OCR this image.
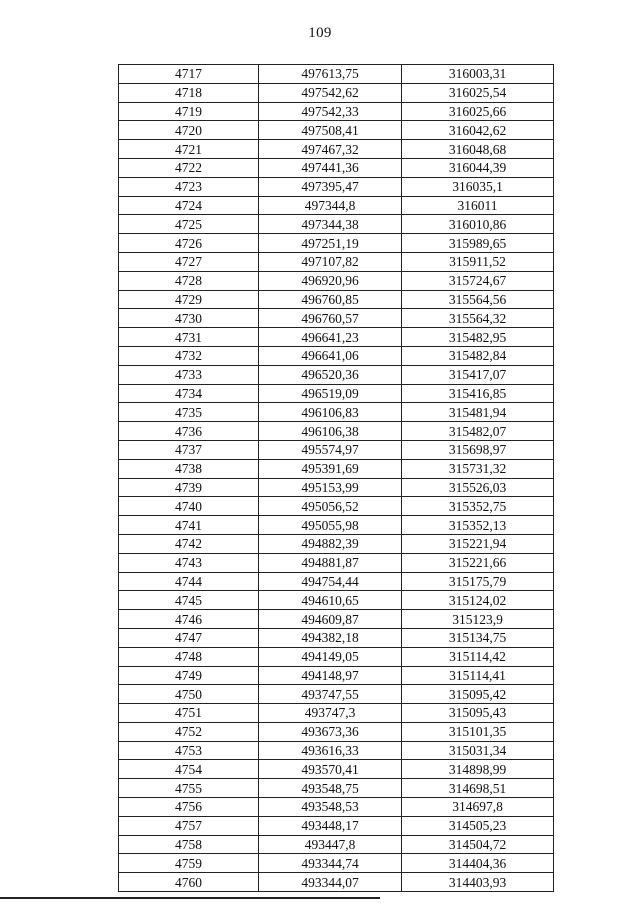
109
4717	497613,75	316003,31
4718	497542,62	316025,54
4719	497542,33	316025,66
4720	497508,41	316042,62
4721	497467,32	316048,68
4722	497441,36	316044,39
4723	497395,47	316035,1
4724	497344,8	316011
4725	497344,38	316010,86
4726	497251,19	315989,65
4727	497107,82	315911,52
4728	496920,96	315724,67
4729	496760,85	315564,56
4730	496760,57	315564,32
4731	496641,23	315482,95
4732	496641,06	315482,84
4733	496520,36	315417,07
4734	496519,09	315416,85
4735	496106,83	315481,94
4736	496106,38	315482,07
4737	495574,97	315698,97
4738	495391,69	315731,32
4739	495153,99	315526,03
4740	495056,52	315352,75
4741	495055,98	315352,13
4742	494882,39	315221,94
4743	494881,87	315221,66
4744	494754,44	315175,79
4745	494610,65	315124,02
4746	494609,87	315123,9
4747	494382,18	315134,75
4748	494149,05	315114,42
4749	494148,97	315114,41
4750	493747,55	315095,42
4751	493747,3	315095,43
4752	493673,36	315101,35
4753	493616,33	315031,34
4754	493570,41	314898,99
4755	493548,75	314698,51
4756	493548,53	314697,8
4757	493448,17	314505,23
4758	493447,8	314504,72
4759	493344,74	314404,36
4760	493344,07	314403,93
